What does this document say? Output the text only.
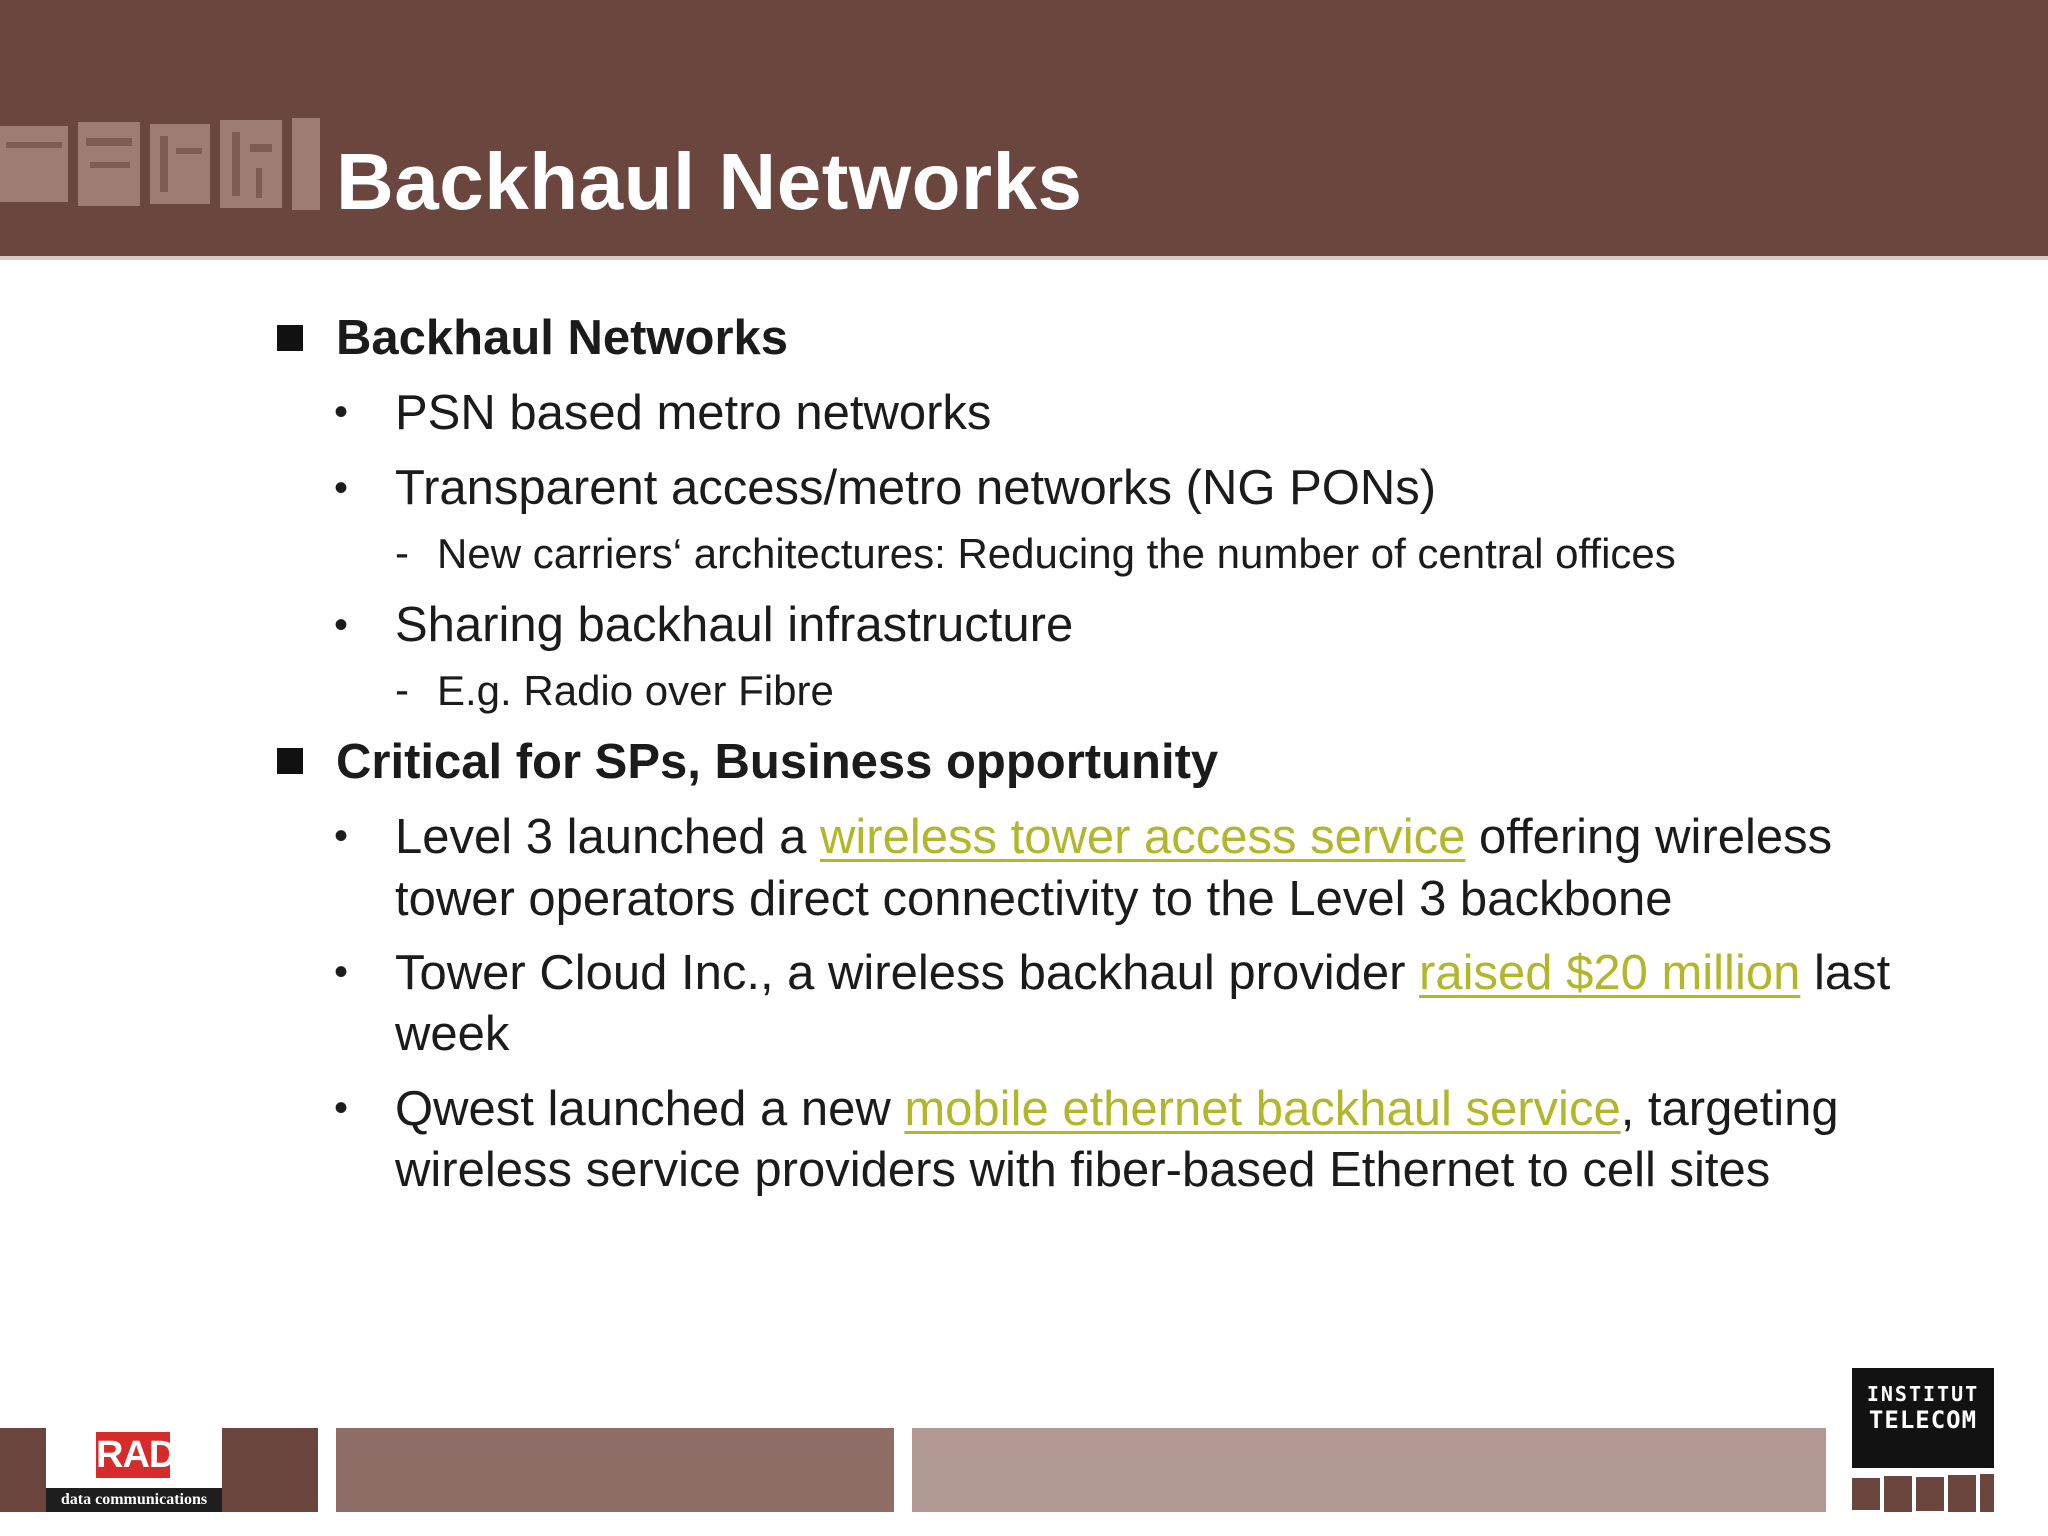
Backhaul Networks
Backhaul Networks
• PSN based metro networks
• Transparent access/metro networks (NG PONs)
- New carriers‘ architectures: Reducing the number of central offices
• Sharing backhaul infrastructure
- E.g. Radio over Fibre
Critical for SPs, Business opportunity
• Level 3 launched a wireless tower access service offering wireless
tower operators direct connectivity to the Level 3 backbone
• Tower Cloud Inc., a wireless backhaul provider raised $20 million last
week
• Qwest launched a new mobile ethernet backhaul service, targeting
wireless service providers with fiber-based Ethernet to cell sites
RAD
data communications
INSTITUT
TELECOM
